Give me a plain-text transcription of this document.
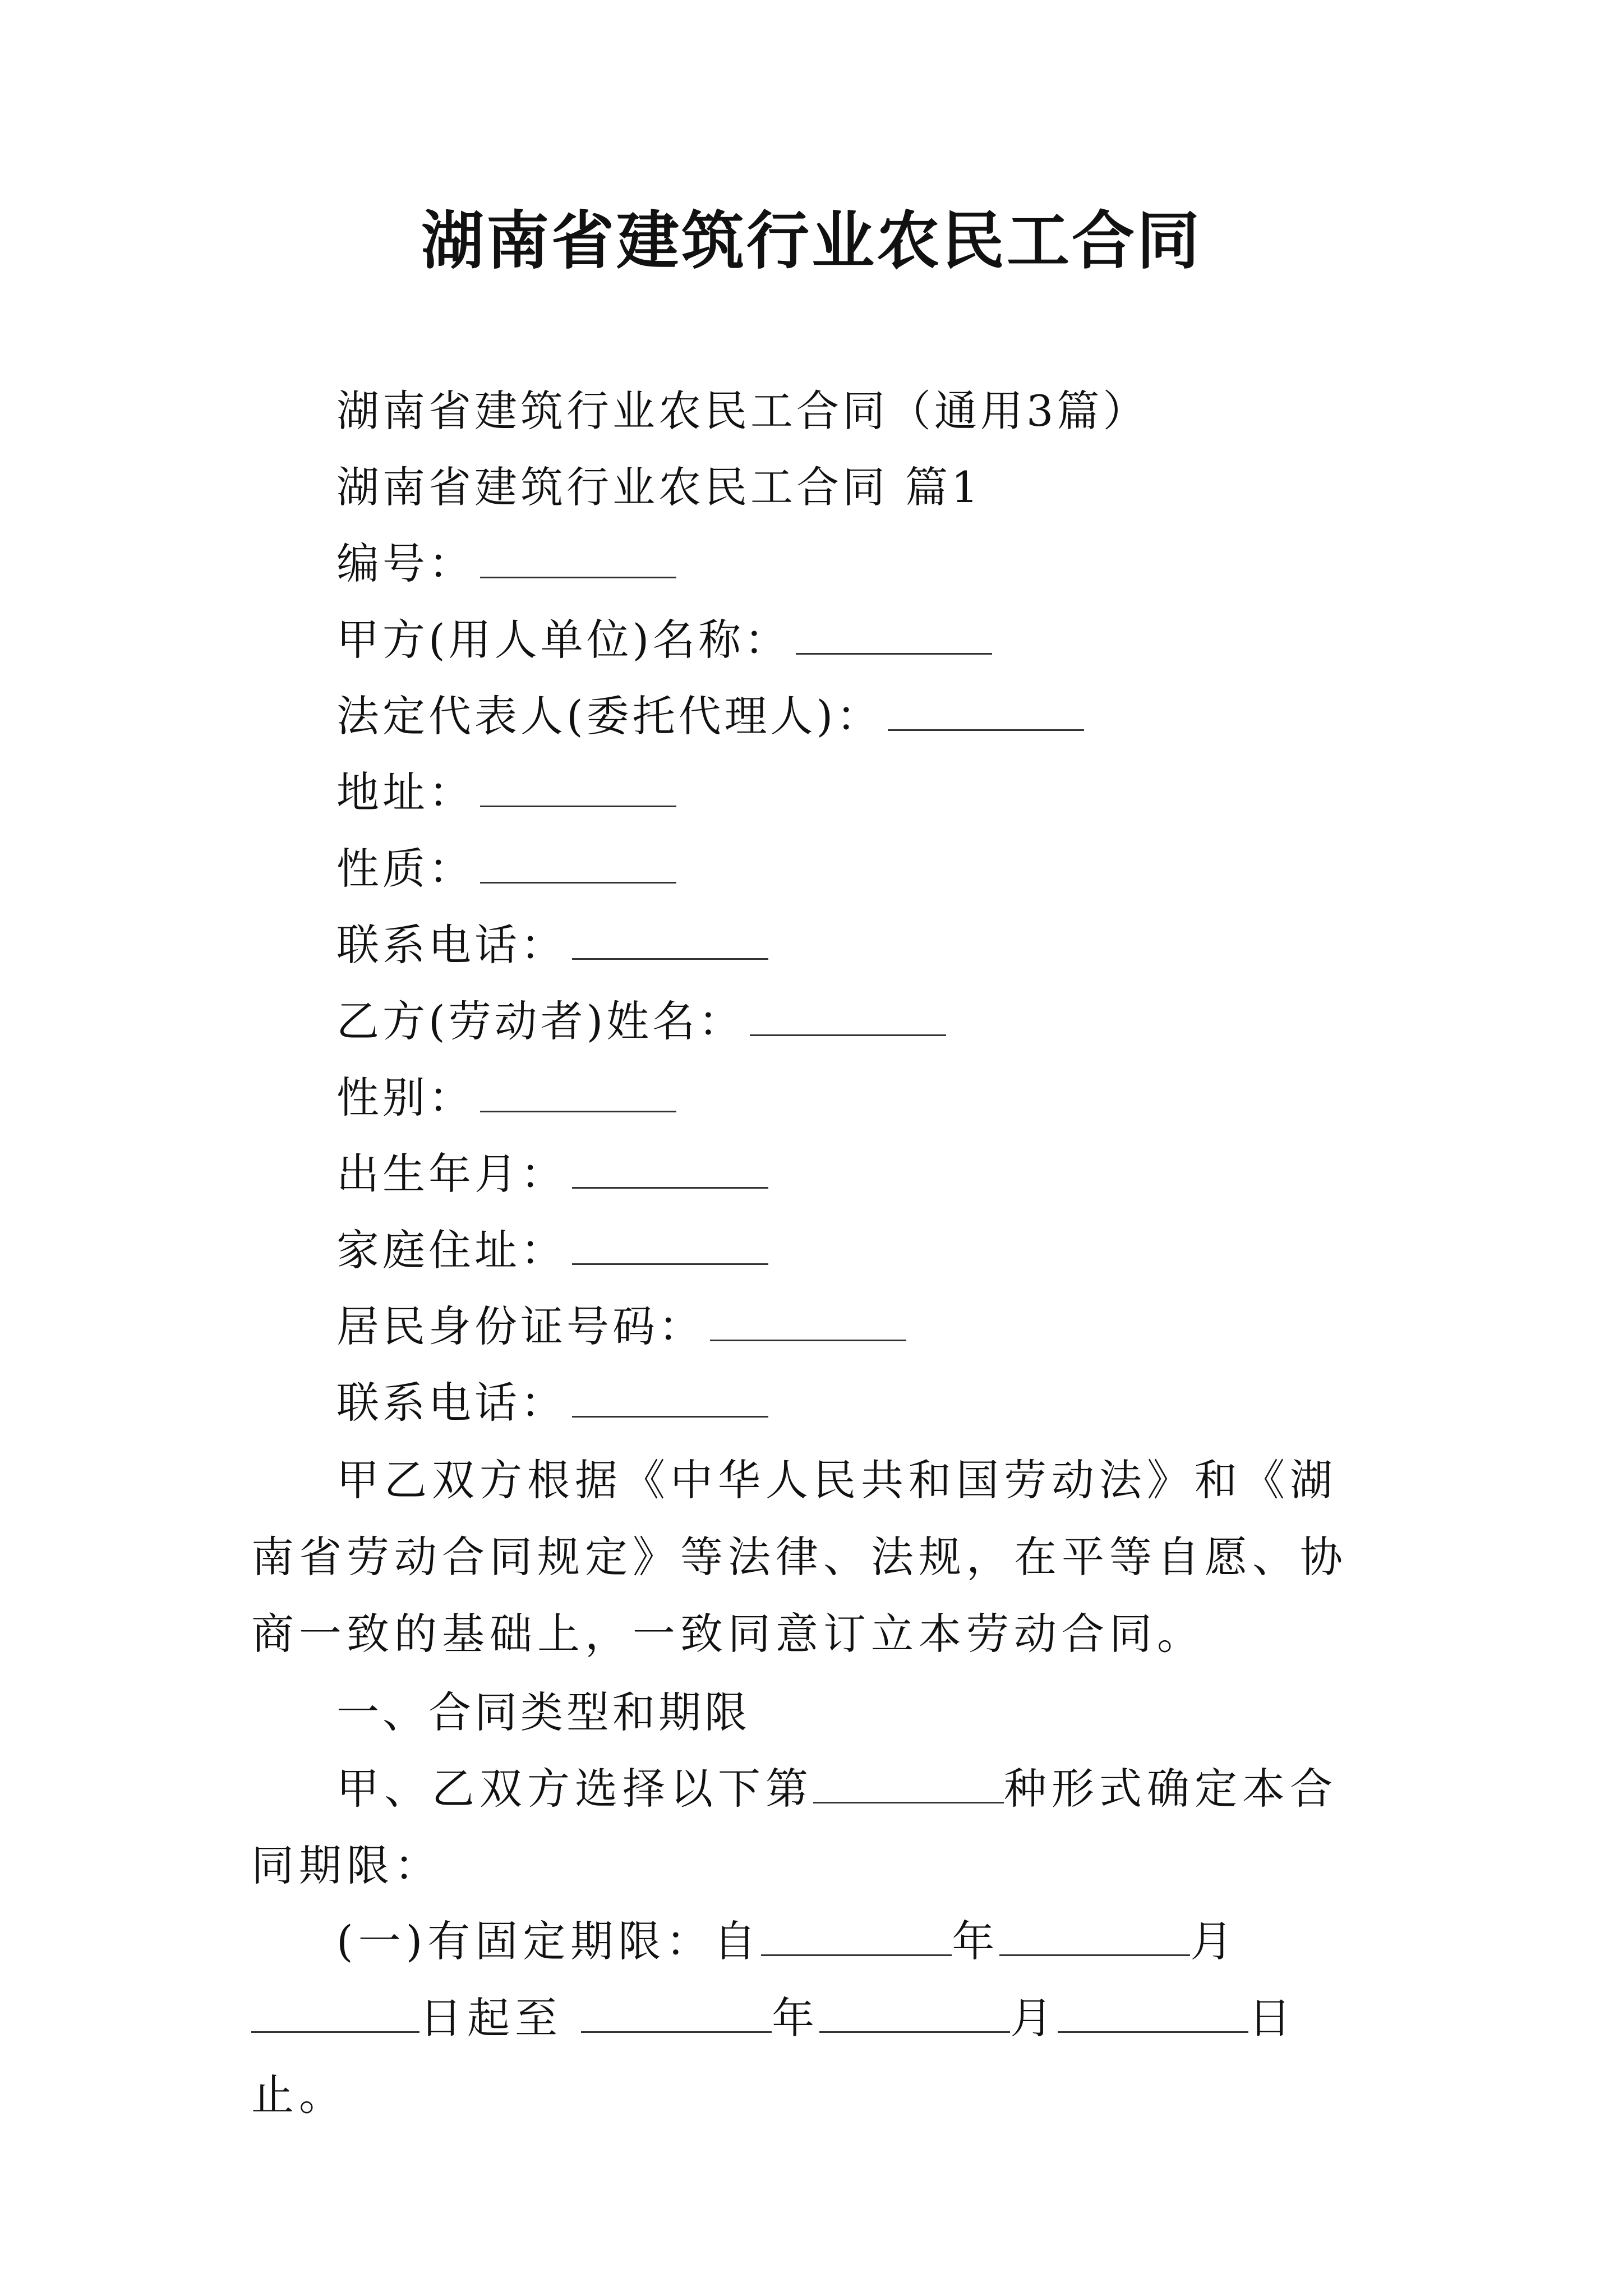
湖南省建筑行业农民工合同
湖南省建筑行业农民工合同（通用3篇）
湖南省建筑行业农民工合同 篇1
编号：
甲方(用人单位)名称：
法定代表人(委托代理人)：
地址：
性质：
联系电话：
乙方(劳动者)姓名：
性别：
出生年月：
家庭住址：
居民身份证号码：
联系电话：
甲乙双方根据《中华人民共和国劳动法》和《湖南省劳动合同规定》等法律、法规，在平等自愿、协商一致的基础上，一致同意订立本劳动合同。
一、合同类型和期限
甲、乙双方选择以下第	种形式确定本合同期限：
(一)有固定期限：自	年	月日起至	年	月	日止。
